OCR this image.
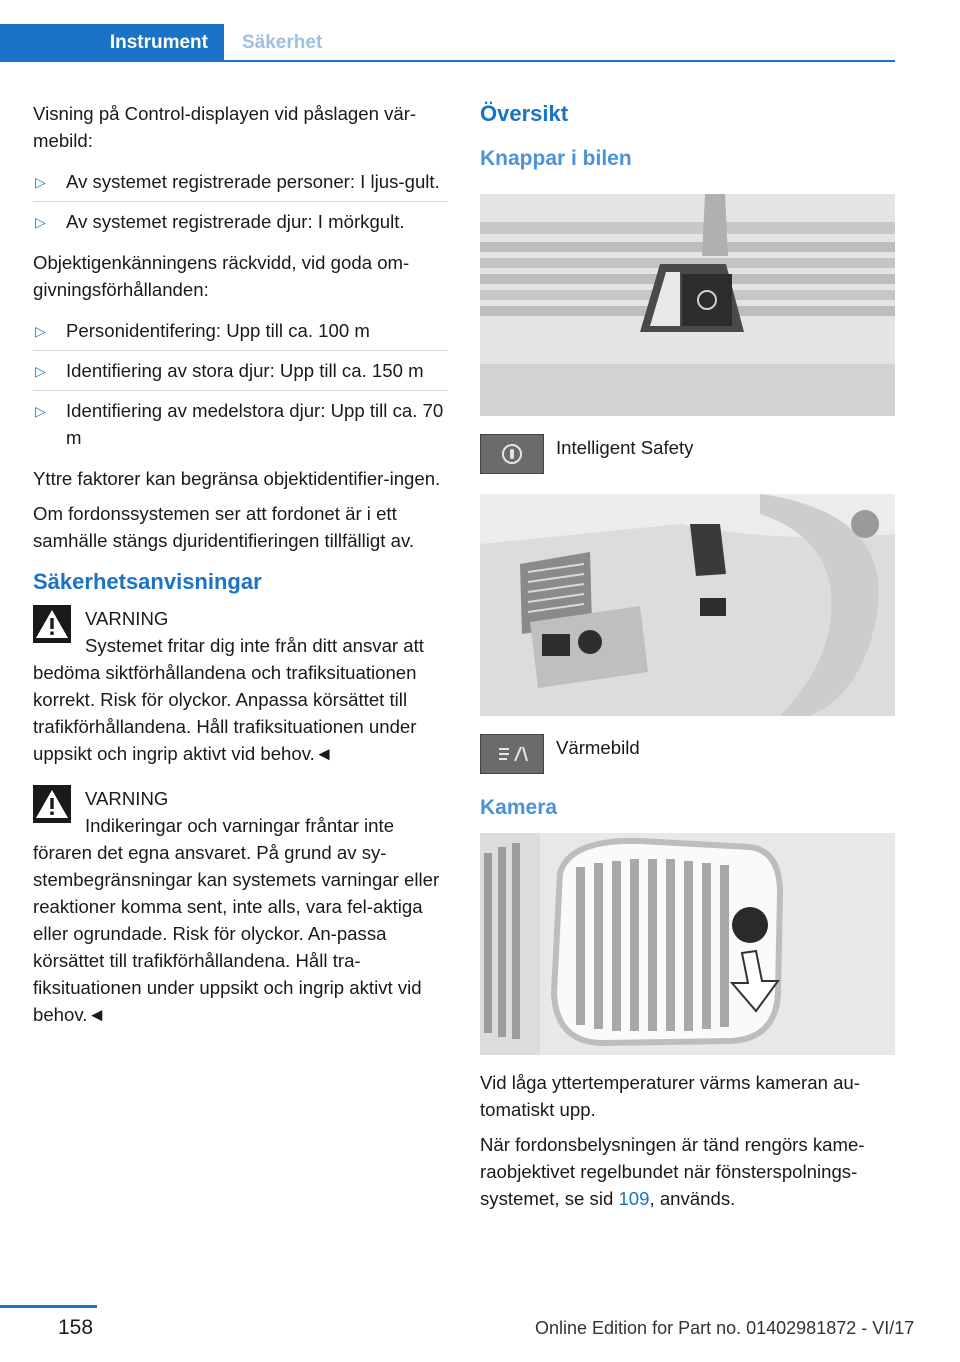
Instrument Säkerhet

Visning på Control-displayen vid påslagen vär-mebild:

▷ Av systemet registrerade personer: I ljus-gult.
▷ Av systemet registrerade djur: I mörkgult.

Objektigenkänningens räckvidd, vid goda om-givningsförhållanden:

▷ Personidentifering: Upp till ca. 100 m
▷ Identifiering av stora djur: Upp till ca. 150 m
▷ Identifiering av medelstora djur: Upp till ca. 70 m

Yttre faktorer kan begränsa objektidentifier-ingen.

Om fordonssystemen ser att fordonet är i ett samhälle stängs djuridentifieringen tillfälligt av.

Säkerhetsanvisningar
VARNING

Systemet fritar dig inte från ditt ansvar att bedöma siktförhållandena och trafiksituationen korrekt. Risk för olyckor. Anpassa körsättet till trafikförhållandena. Håll trafiksituationen under uppsikt och ingrip aktivt vid behov.◄

VARNING

Indikeringar och varningar fråntar inte föraren det egna ansvaret. På grund av sy-stembegränsningar kan systemets varningar eller reaktioner komma sent, inte alls, vara fel-aktiga eller ogrundade. Risk för olyckor. An-passa körsättet till trafikförhållandena. Håll tra-fiksituationen under uppsikt och ingrip aktivt vid behov.◄

Översikt
Knappar i bilen
Intelligent Safety
Värmebild
Kamera

Vid låga yttertemperaturer värms kameran au-tomatiskt upp.

När fordonsbelysningen är tänd rengörs kame-raobjektivet regelbundet när fönsterspolnings-systemet, se sid 109, används.

158	Online Edition for Part no. 01402981872 - VI/17
